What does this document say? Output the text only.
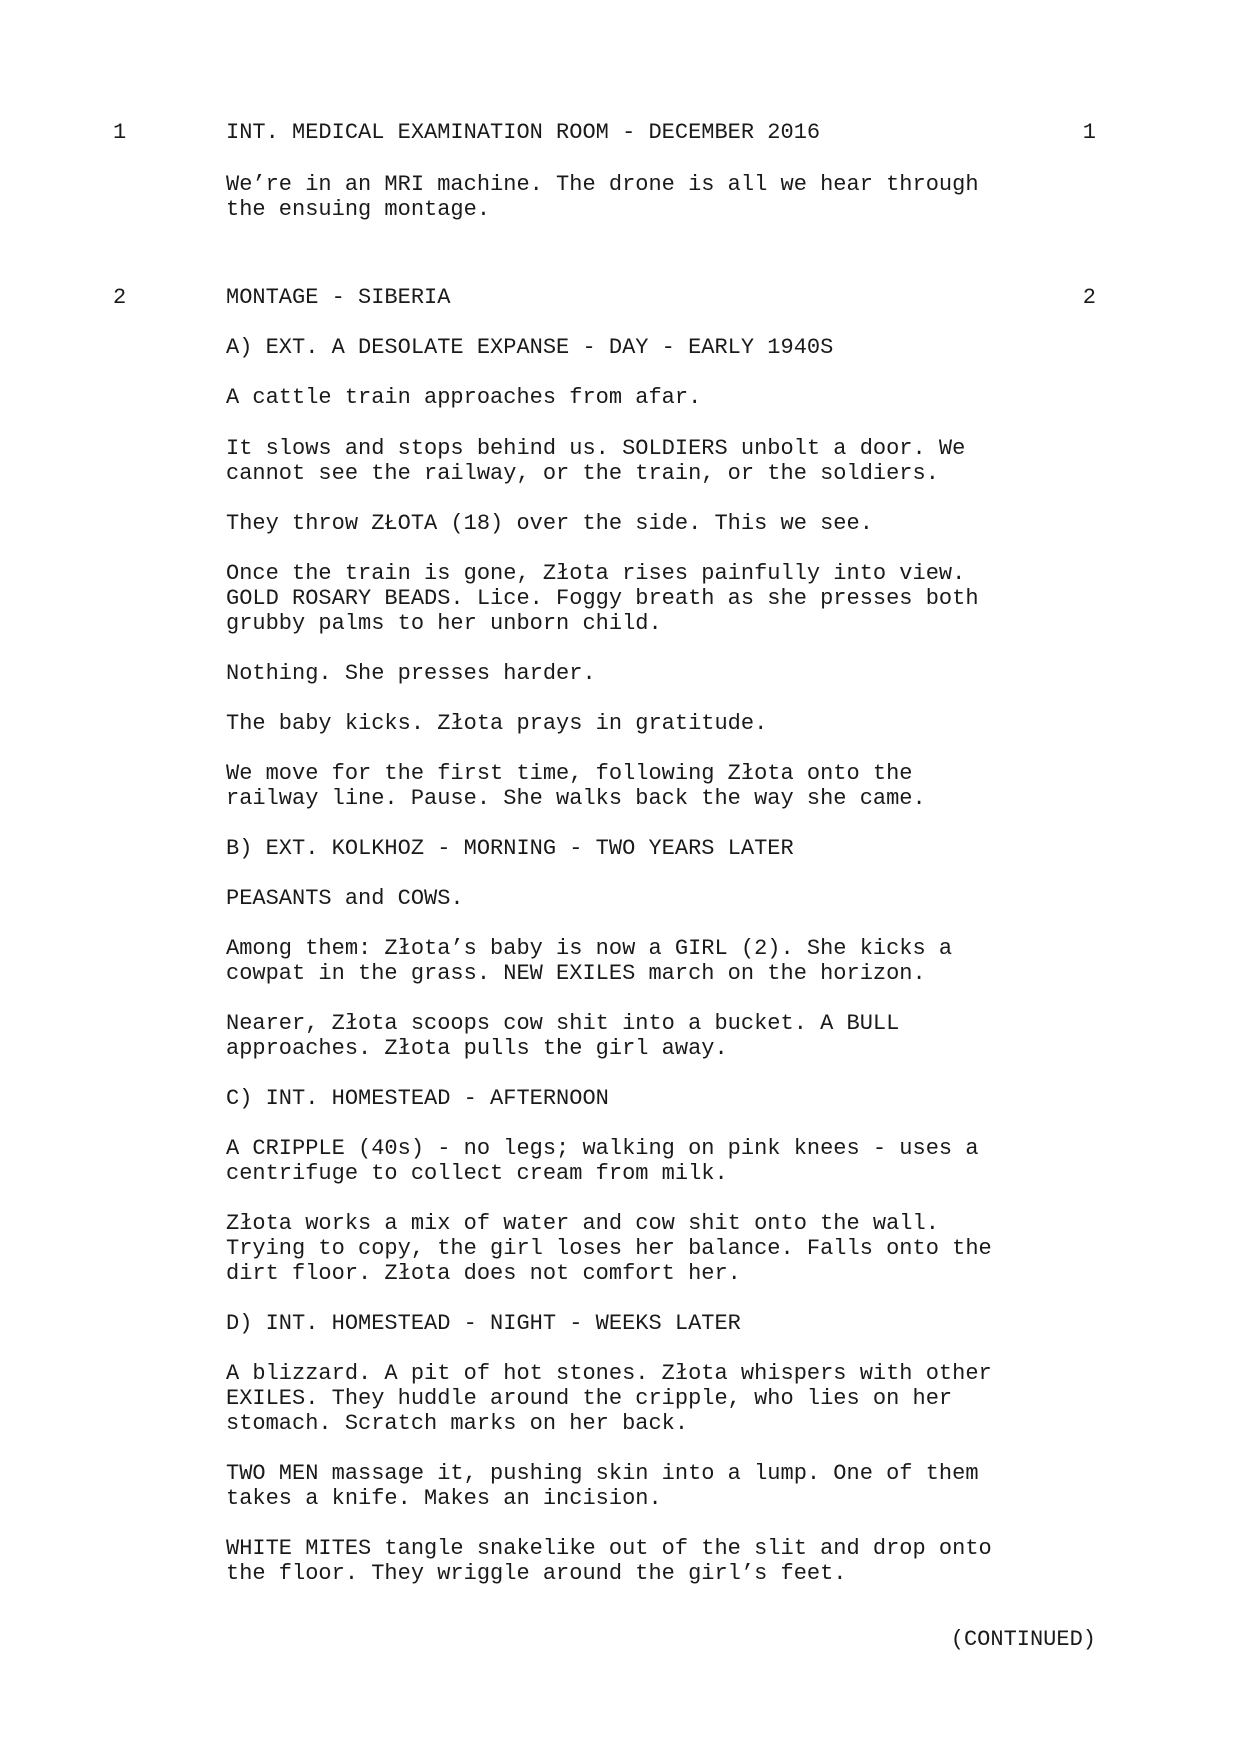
1	INT. MEDICAL EXAMINATION ROOM - DECEMBER 2016	1
We’re in an MRI machine. The drone is all we hear through
the ensuing montage.
2	MONTAGE - SIBERIA	2
A) EXT. A DESOLATE EXPANSE - DAY - EARLY 1940S
A cattle train approaches from afar.
It slows and stops behind us. SOLDIERS unbolt a door. We
cannot see the railway, or the train, or the soldiers.
They throw ZŁOTA (18) over the side. This we see.
Once the train is gone, Złota rises painfully into view.
GOLD ROSARY BEADS. Lice. Foggy breath as she presses both
grubby palms to her unborn child.
Nothing. She presses harder.
The baby kicks. Złota prays in gratitude.
We move for the first time, following Złota onto the
railway line. Pause. She walks back the way she came.
B) EXT. KOLKHOZ - MORNING - TWO YEARS LATER
PEASANTS and COWS.
Among them: Złota’s baby is now a GIRL (2). She kicks a
cowpat in the grass. NEW EXILES march on the horizon.
Nearer, Złota scoops cow shit into a bucket. A BULL
approaches. Złota pulls the girl away.
C) INT. HOMESTEAD - AFTERNOON
A CRIPPLE (40s) - no legs; walking on pink knees - uses a
centrifuge to collect cream from milk.
Złota works a mix of water and cow shit onto the wall.
Trying to copy, the girl loses her balance. Falls onto the
dirt floor. Złota does not comfort her.
D) INT. HOMESTEAD - NIGHT - WEEKS LATER
A blizzard. A pit of hot stones. Złota whispers with other
EXILES. They huddle around the cripple, who lies on her
stomach. Scratch marks on her back.
TWO MEN massage it, pushing skin into a lump. One of them
takes a knife. Makes an incision.
WHITE MITES tangle snakelike out of the slit and drop onto
the floor. They wriggle around the girl’s feet.
(CONTINUED)
